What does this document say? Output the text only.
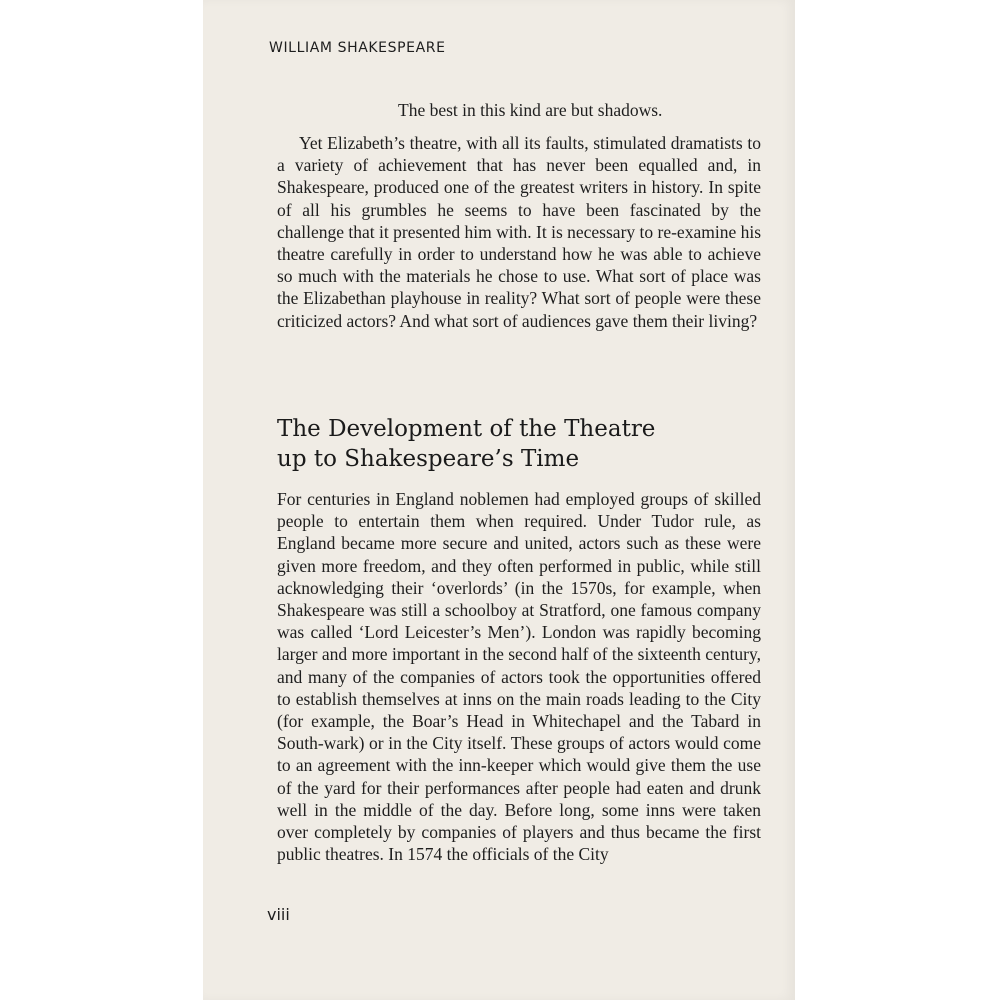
WILLIAM SHAKESPEARE
The best in this kind are but shadows.

Yet Elizabeth’s theatre, with all its faults, stimulated dramatists to a variety of achievement that has never been equalled and, in Shakespeare, produced one of the greatest writers in history. In spite of all his grumbles he seems to have been fascinated by the challenge that it presented him with. It is necessary to re-examine his theatre carefully in order to understand how he was able to achieve so much with the materials he chose to use. What sort of place was the Elizabethan playhouse in reality? What sort of people were these criticized actors? And what sort of audiences gave them their living?

The Development of the Theatre
up to Shakespeare’s Time

For centuries in England noblemen had employed groups of skilled people to entertain them when required. Under Tudor rule, as England became more secure and united, actors such as these were given more freedom, and they often performed in public, while still acknowledging their ‘overlords’ (in the 1570s, for example, when Shakespeare was still a schoolboy at Stratford, one famous company was called ‘Lord Leicester’s Men’). London was rapidly becoming larger and more important in the second half of the sixteenth century, and many of the companies of actors took the opportunities offered to establish themselves at inns on the main roads leading to the City (for example, the Boar’s Head in Whitechapel and the Tabard in South-wark) or in the City itself. These groups of actors would come to an agreement with the inn-keeper which would give them the use of the yard for their performances after people had eaten and drunk well in the middle of the day. Before long, some inns were taken over completely by companies of players and thus became the first public theatres. In 1574 the officials of the City

viii
